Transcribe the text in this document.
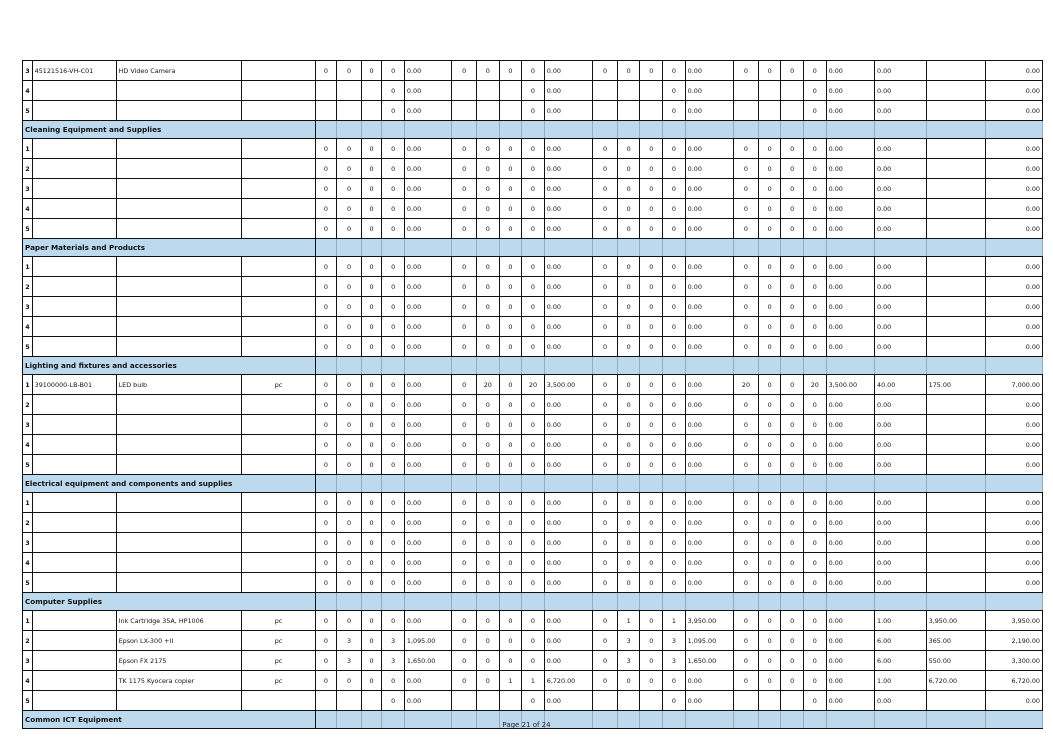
3	45121516-VH-C01	HD Video Camera		0	0	0	0	0.00	0	0	0	0	0.00	0	0	0	0	0.00	0	0	0	0	0.00	0.00		0.00
4							0	0.00				0	0.00				0	0.00				0	0.00	0.00		0.00
5							0	0.00				0	0.00				0	0.00				0	0.00	0.00		0.00
Cleaning Equipment and Supplies																										
1				0	0	0	0	0.00	0	0	0	0	0.00	0	0	0	0	0.00	0	0	0	0	0.00	0.00		0.00
2				0	0	0	0	0.00	0	0	0	0	0.00	0	0	0	0	0.00	0	0	0	0	0.00	0.00		0.00
3				0	0	0	0	0.00	0	0	0	0	0.00	0	0	0	0	0.00	0	0	0	0	0.00	0.00		0.00
4				0	0	0	0	0.00	0	0	0	0	0.00	0	0	0	0	0.00	0	0	0	0	0.00	0.00		0.00
5				0	0	0	0	0.00	0	0	0	0	0.00	0	0	0	0	0.00	0	0	0	0	0.00	0.00		0.00
Paper Materials and Products																										
1				0	0	0	0	0.00	0	0	0	0	0.00	0	0	0	0	0.00	0	0	0	0	0.00	0.00		0.00
2				0	0	0	0	0.00	0	0	0	0	0.00	0	0	0	0	0.00	0	0	0	0	0.00	0.00		0.00
3				0	0	0	0	0.00	0	0	0	0	0.00	0	0	0	0	0.00	0	0	0	0	0.00	0.00		0.00
4				0	0	0	0	0.00	0	0	0	0	0.00	0	0	0	0	0.00	0	0	0	0	0.00	0.00		0.00
5				0	0	0	0	0.00	0	0	0	0	0.00	0	0	0	0	0.00	0	0	0	0	0.00	0.00		0.00
Lighting and fixtures and accessories																										
1	39100000-LB-B01	LED bulb	pc	0	0	0	0	0.00	0	20	0	20	3,500.00	0	0	0	0	0.00	20	0	0	20	3,500.00	40.00	175.00	7,000.00
2				0	0	0	0	0.00	0	0	0	0	0.00	0	0	0	0	0.00	0	0	0	0	0.00	0.00		0.00
3				0	0	0	0	0.00	0	0	0	0	0.00	0	0	0	0	0.00	0	0	0	0	0.00	0.00		0.00
4				0	0	0	0	0.00	0	0	0	0	0.00	0	0	0	0	0.00	0	0	0	0	0.00	0.00		0.00
5				0	0	0	0	0.00	0	0	0	0	0.00	0	0	0	0	0.00	0	0	0	0	0.00	0.00		0.00
Electrical equipment and components and supplies																										
1				0	0	0	0	0.00	0	0	0	0	0.00	0	0	0	0	0.00	0	0	0	0	0.00	0.00		0.00
2				0	0	0	0	0.00	0	0	0	0	0.00	0	0	0	0	0.00	0	0	0	0	0.00	0.00		0.00
3				0	0	0	0	0.00	0	0	0	0	0.00	0	0	0	0	0.00	0	0	0	0	0.00	0.00		0.00
4				0	0	0	0	0.00	0	0	0	0	0.00	0	0	0	0	0.00	0	0	0	0	0.00	0.00		0.00
5				0	0	0	0	0.00	0	0	0	0	0.00	0	0	0	0	0.00	0	0	0	0	0.00	0.00		0.00
Computer Supplies																										
1		Ink Cartridge 35A, HP1006	pc	0	0	0	0	0.00	0	0	0	0	0.00	0	1	0	1	3,950.00	0	0	0	0	0.00	1.00	3,950.00	3,950.00
2		Epson LX-300 +II	pc	0	3	0	3	1,095.00	0	0	0	0	0.00	0	3	0	3	1,095.00	0	0	0	0	0.00	6.00	365.00	2,190.00
3		Epson FX 2175	pc	0	3	0	3	1,650.00	0	0	0	0	0.00	0	3	0	3	1,650.00	0	0	0	0	0.00	6.00	550.00	3,300.00
4		TK 1175 Kyocera copier	pc	0	0	0	0	0.00	0	0	1	1	6,720.00	0	0	0	0	0.00	0	0	0	0	0.00	1.00	6,720.00	6,720.00
5							0	0.00				0	0.00				0	0.00				0	0.00	0.00		0.00
Common ICT Equipment																										
Page 21 of 24
